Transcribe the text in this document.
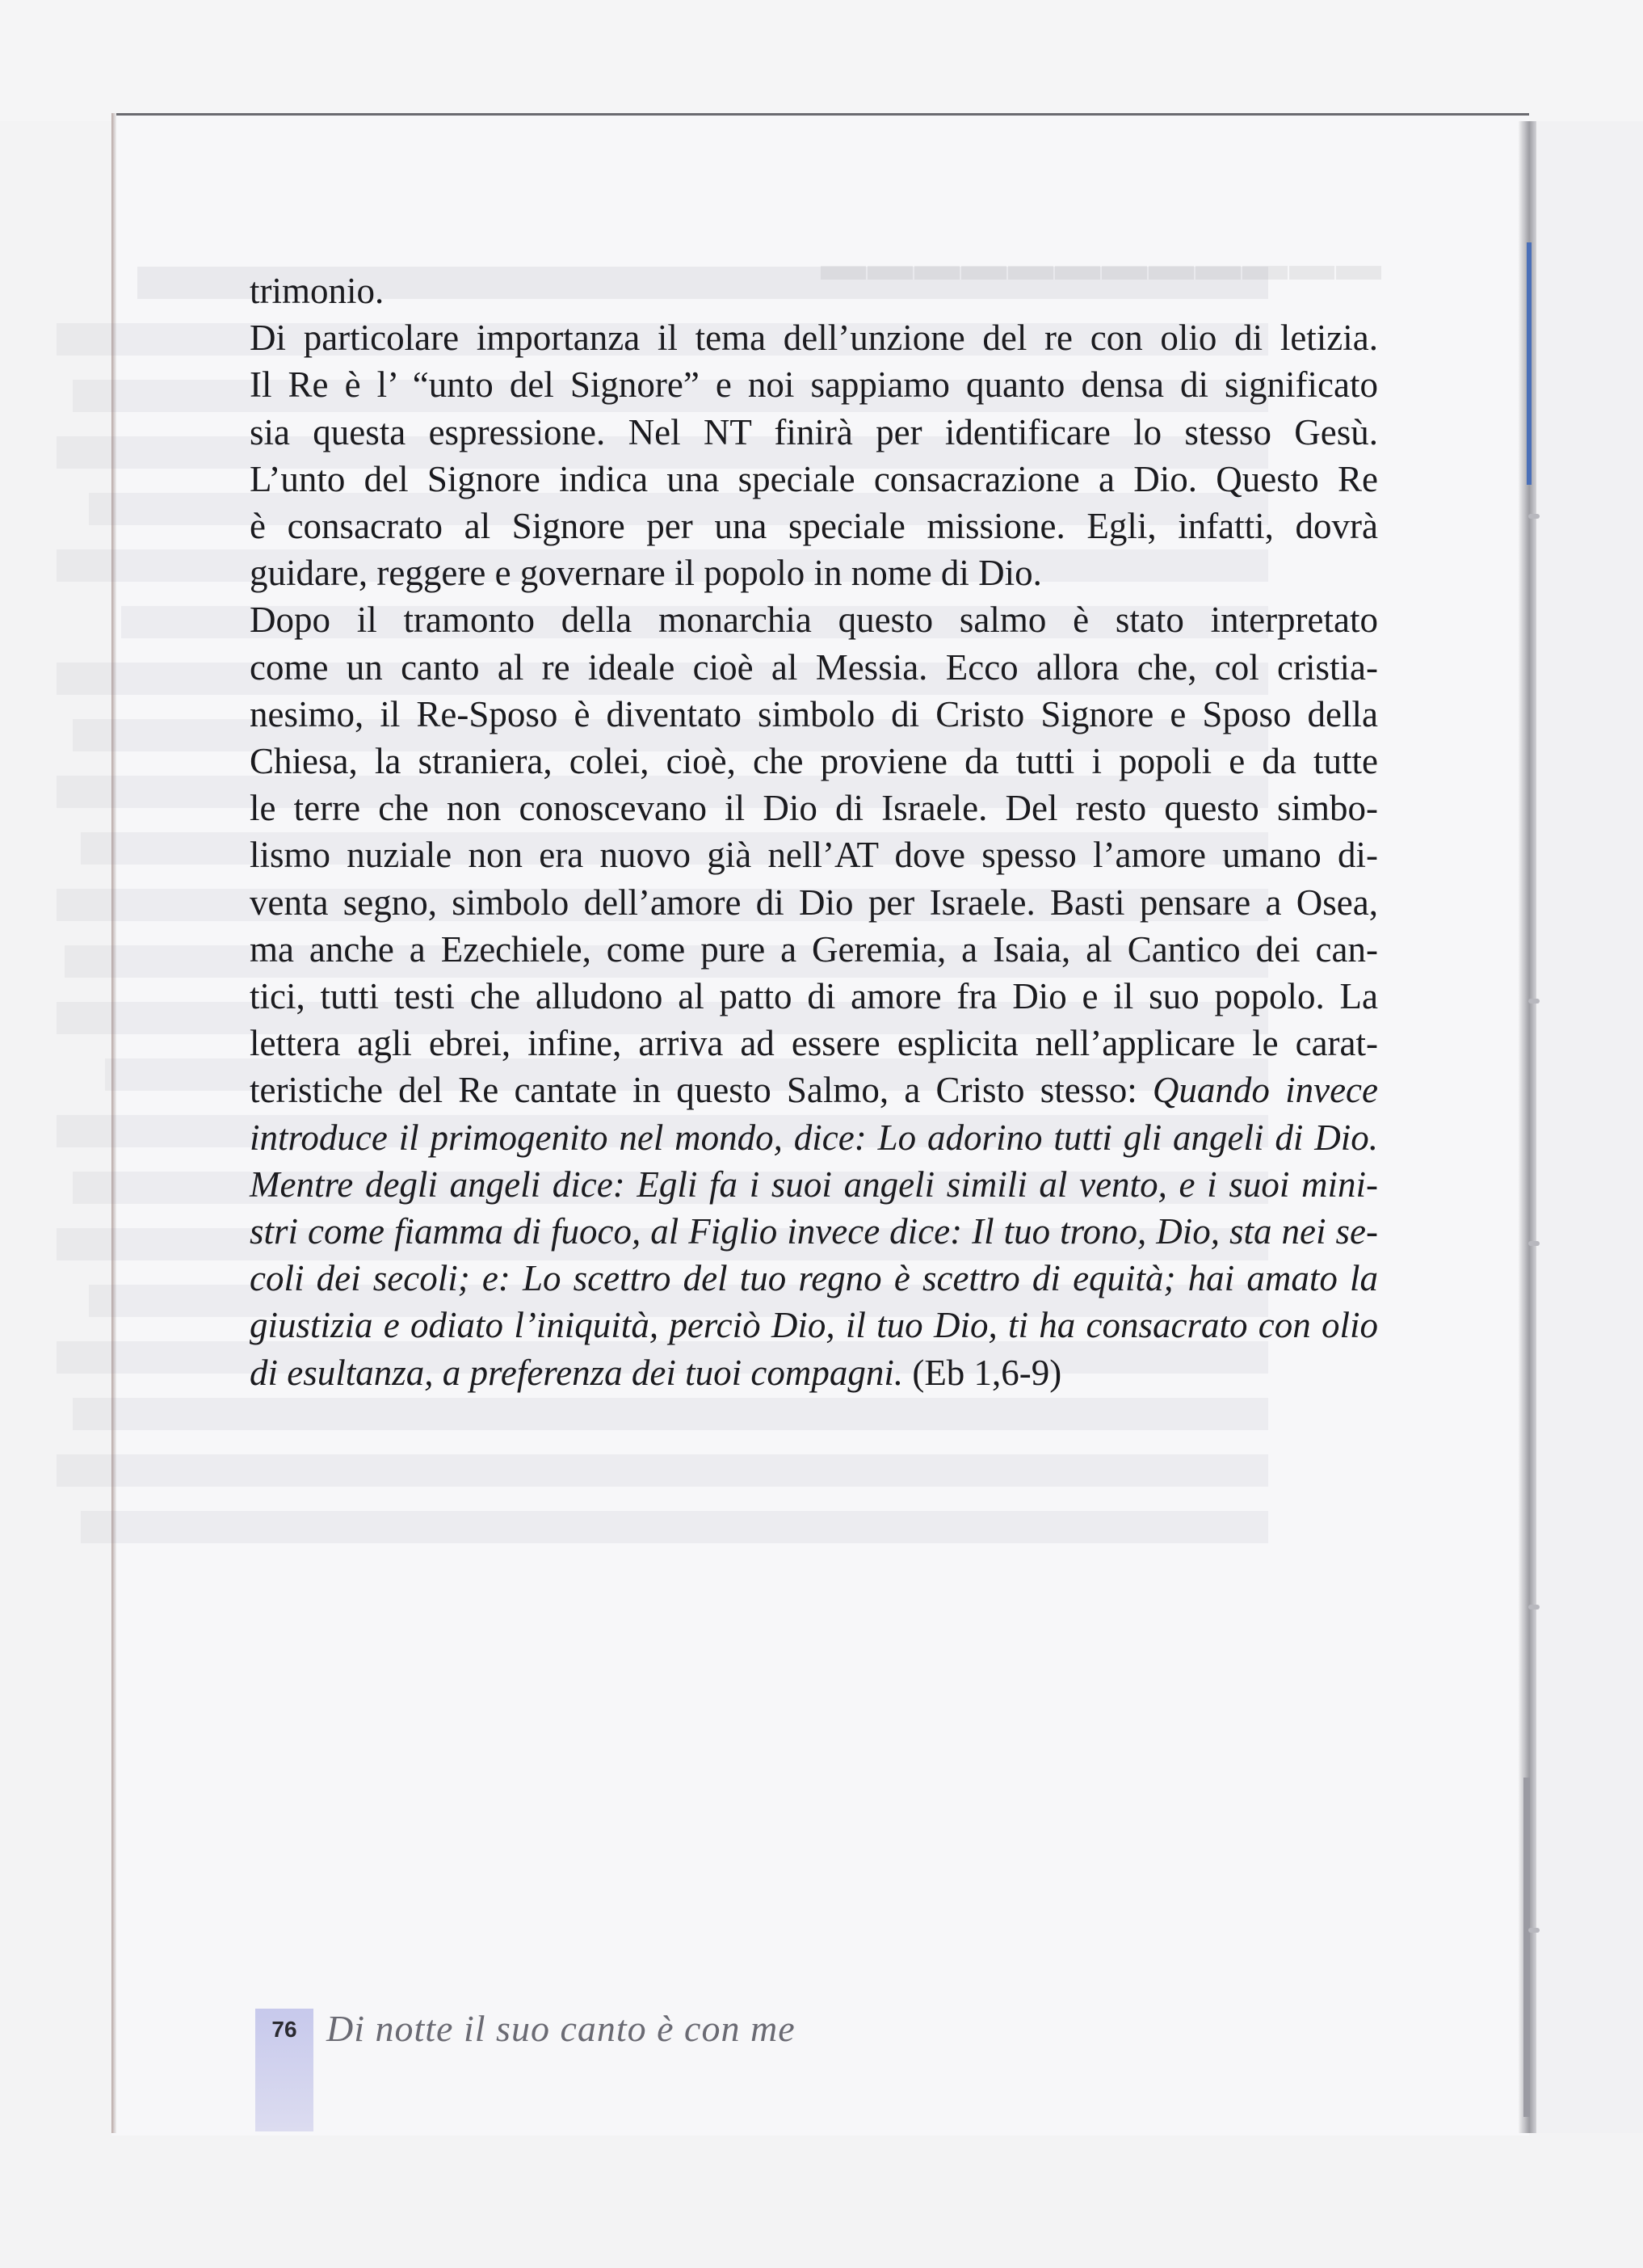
▬▬▬▬▬▬▬▬▬▬▬▬

trimonio.
Di particolare importanza il tema dell’unzione del re con olio di letizia.
Il Re è l’ “unto del Signore” e noi sappiamo quanto densa di significato
sia questa espressione. Nel NT finirà per identificare lo stesso Gesù.
L’unto del Signore indica una speciale consacrazione a Dio. Questo Re
è consacrato al Signore per una speciale missione. Egli, infatti, dovrà
guidare, reggere e governare il popolo in nome di Dio.
Dopo il tramonto della monarchia questo salmo è stato interpretato
come un canto al re ideale cioè al Messia. Ecco allora che, col cristia-
nesimo, il Re-Sposo è diventato simbolo di Cristo Signore e Sposo della
Chiesa, la straniera, colei, cioè, che proviene da tutti i popoli e da tutte
le terre che non conoscevano il Dio di Israele. Del resto questo simbo-
lismo nuziale non era nuovo già nell’AT dove spesso l’amore umano di-
venta segno, simbolo dell’amore di Dio per Israele. Basti pensare a Osea,
ma anche a Ezechiele, come pure a Geremia, a Isaia, al Cantico dei can-
tici, tutti testi che alludono al patto di amore fra Dio e il suo popolo. La
lettera agli ebrei, infine, arriva ad essere esplicita nell’applicare le carat-
teristiche del Re cantate in questo Salmo, a Cristo stesso: Quando invece

introduce il primogenito nel mondo, dice: Lo adorino tutti gli angeli di Dio.
Mentre degli angeli dice: Egli fa i suoi angeli simili al vento, e i suoi mini-
stri come fiamma di fuoco, al Figlio invece dice: Il tuo trono, Dio, sta nei se-
coli dei secoli; e: Lo scettro del tuo regno è scettro di equità; hai amato la
giustizia e odiato l’iniquità, perciò Dio, il tuo Dio, ti ha consacrato con olio
di esultanza, a preferenza dei tuoi compagni. (Eb 1,6-9)

76 Di notte il suo canto è con me
